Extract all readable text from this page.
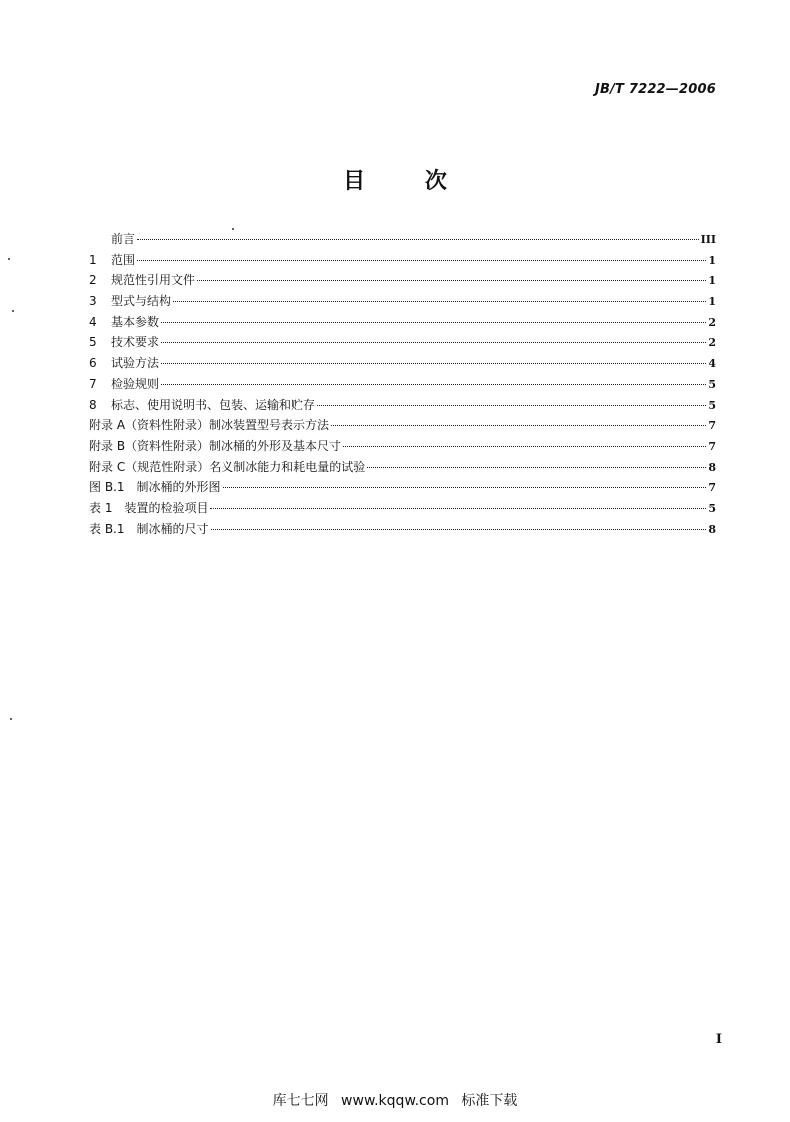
JB/T 7222—2006
目 次
前言	III
1	范围	1
2	规范性引用文件	1
3	型式与结构	1
4	基本参数	2
5	技术要求	2
6	试验方法	4
7	检验规则	5
8	标志、使用说明书、包装、运输和贮存	5
附录 A（资料性附录）制冰装置型号表示方法	7
附录 B（资料性附录）制冰桶的外形及基本尺寸	7
附录 C（规范性附录）名义制冰能力和耗电量的试验	8
图 B.1　制冰桶的外形图	7
表 1　装置的检验项目	5
表 B.1　制冰桶的尺寸	8
I
库七七网 www.kqqw.com 标准下载
